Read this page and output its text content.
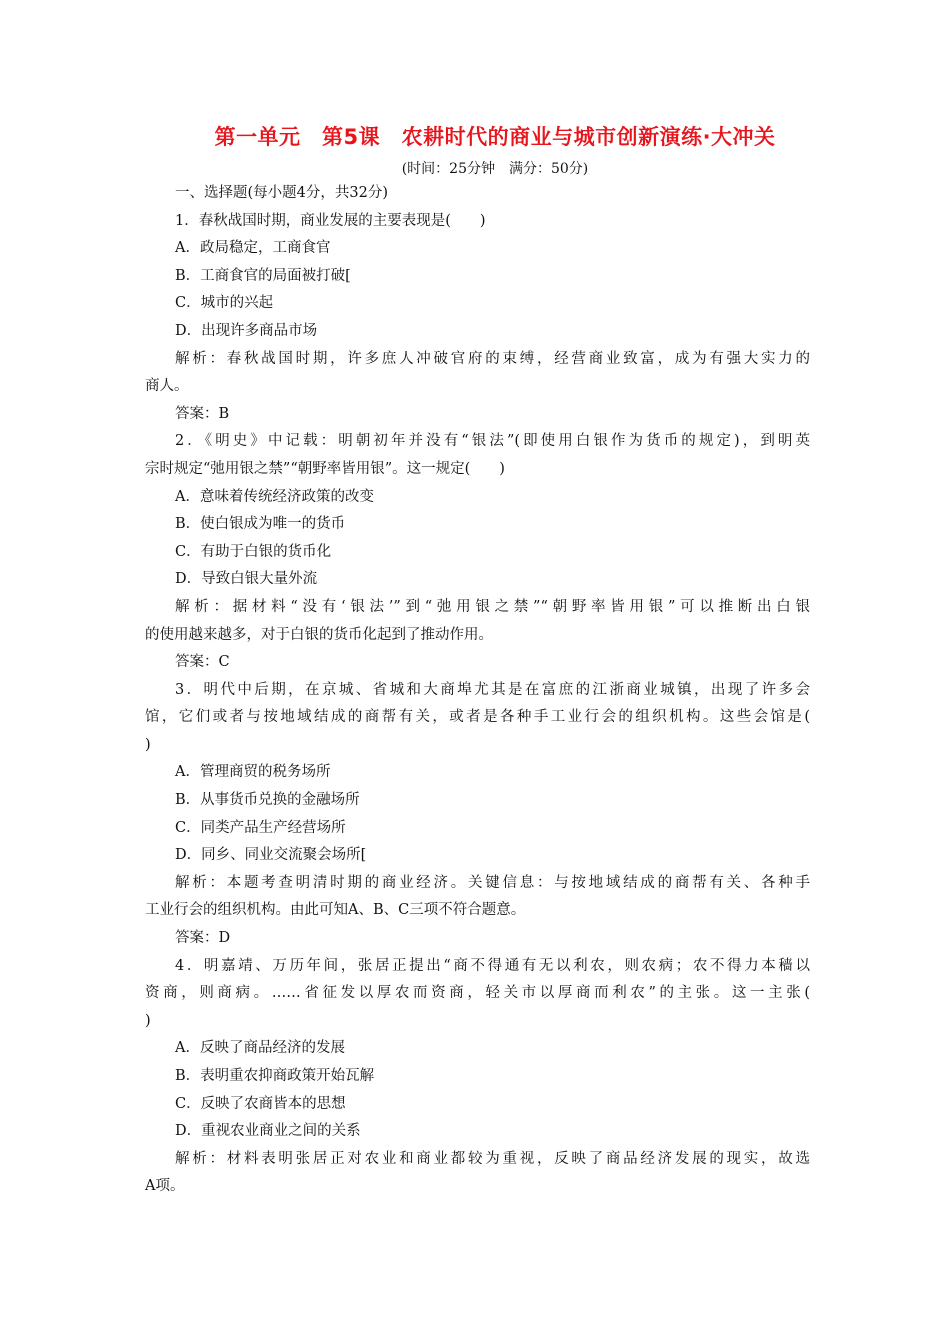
第一单元　第5课　农耕时代的商业与城市创新演练·大冲关
(时间：25分钟　满分：50分)
一、选择题(每小题4分，共32分)
1．春秋战国时期，商业发展的主要表现是(　　)
A．政局稳定，工商食官
B．工商食官的局面被打破[
C．城市的兴起
D．出现许多商品市场
解析：春秋战国时期，许多庶人冲破官府的束缚，经营商业致富，成为有强大实力的
商人。
答案：B
2．《明史》中记载：明朝初年并没有“银法”(即使用白银作为货币的规定)，到明英
宗时规定“弛用银之禁”“朝野率皆用银”。这一规定(　　)
A．意味着传统经济政策的改变
B．使白银成为唯一的货币
C．有助于白银的货币化
D．导致白银大量外流
解析：据材料“没有‘银法’”到“弛用银之禁”“朝野率皆用银”可以推断出白银
的使用越来越多，对于白银的货币化起到了推动作用。
答案：C
3．明代中后期，在京城、省城和大商埠尤其是在富庶的江浙商业城镇，出现了许多会
馆，它们或者与按地域结成的商帮有关，或者是各种手工业行会的组织机构。这些会馆是(
)
A．管理商贸的税务场所
B．从事货币兑换的金融场所
C．同类产品生产经营场所
D．同乡、同业交流聚会场所[
解析：本题考查明清时期的商业经济。关键信息：与按地域结成的商帮有关、各种手
工业行会的组织机构。由此可知A、B、C三项不符合题意。
答案：D
4．明嘉靖、万历年间，张居正提出“商不得通有无以利农，则农病；农不得力本穑以
资商，则商病。……省征发以厚农而资商，轻关市以厚商而利农”的主张。这一主张(
)
A．反映了商品经济的发展
B．表明重农抑商政策开始瓦解
C．反映了农商皆本的思想
D．重视农业商业之间的关系
解析：材料表明张居正对农业和商业都较为重视，反映了商品经济发展的现实，故选
A项。
